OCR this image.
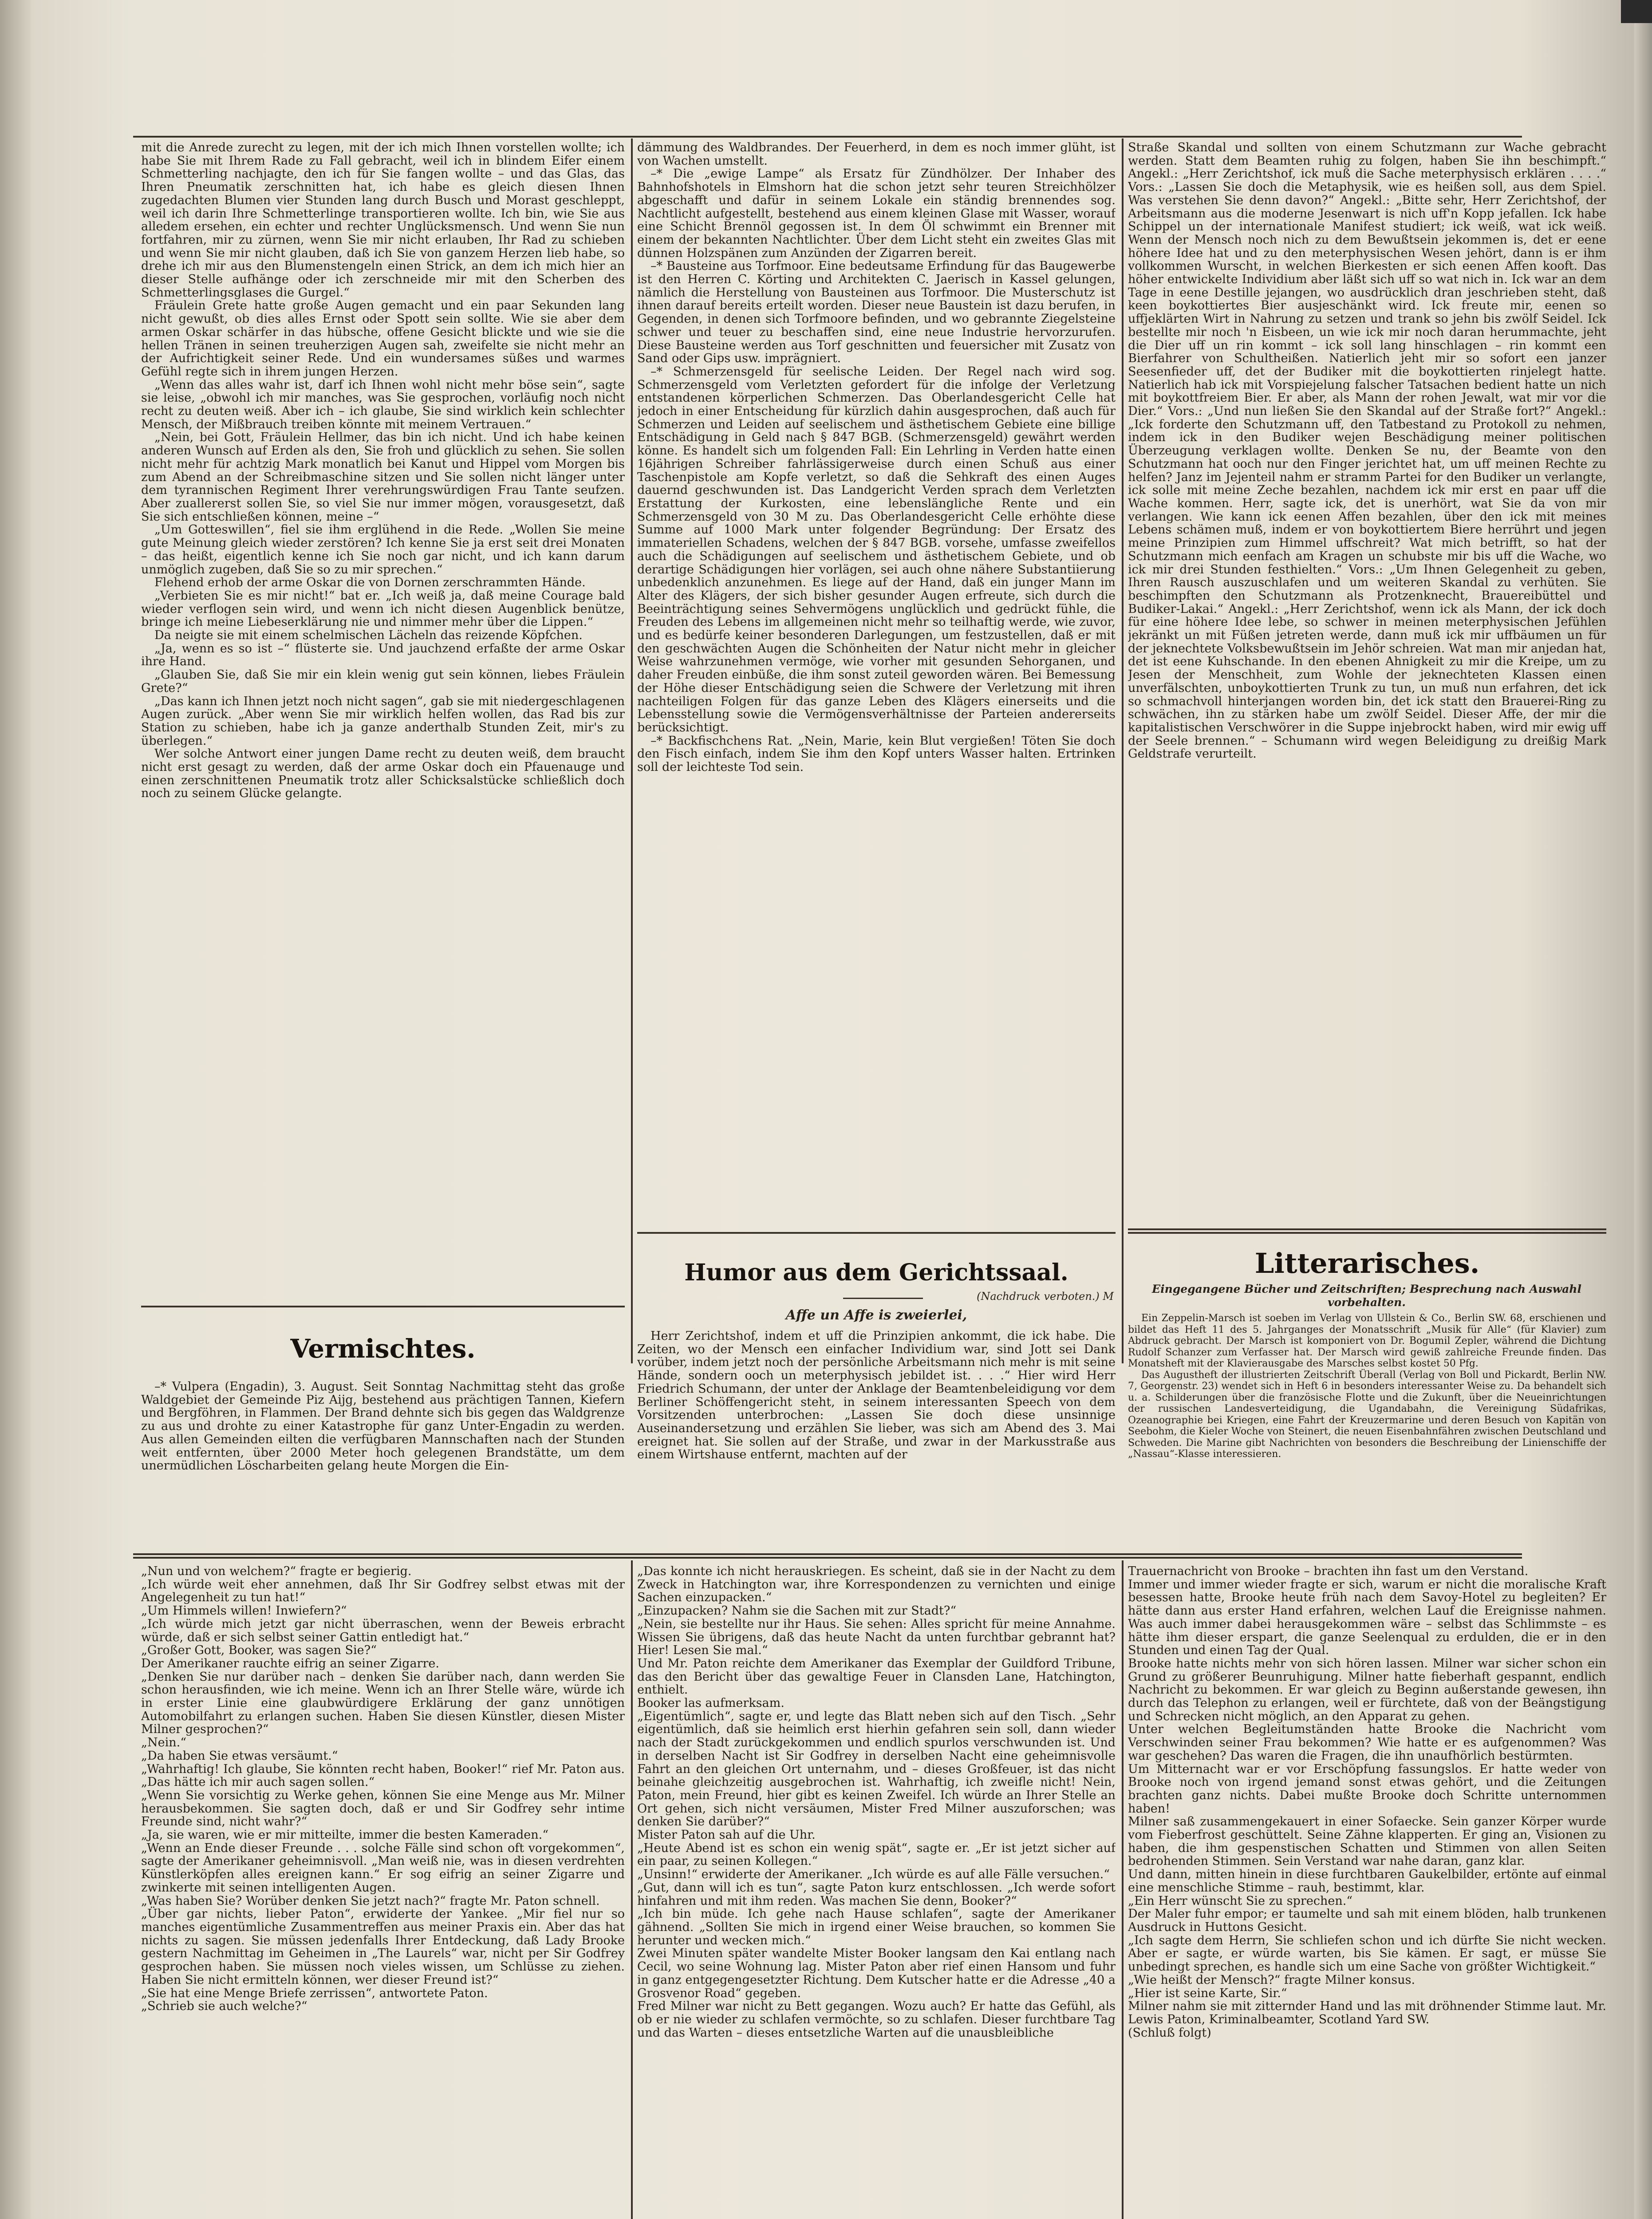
mit die Anrede zurecht zu legen, mit der ich mich Ihnen vorstellen wollte; ich habe Sie mit Ihrem Rade zu Fall gebracht, weil ich in blindem Eifer einem Schmetterling nachjagte, den ich für Sie fangen wollte – und das Glas, das Ihren Pneumatik zerschnitten hat, ich habe es gleich diesen Ihnen zugedachten Blumen vier Stunden lang durch Busch und Morast geschleppt, weil ich darin Ihre Schmetterlinge transportieren wollte. Ich bin, wie Sie aus alledem ersehen, ein echter und rechter Unglücksmensch. Und wenn Sie nun fortfahren, mir zu zürnen, wenn Sie mir nicht erlauben, Ihr Rad zu schieben und wenn Sie mir nicht glauben, daß ich Sie von ganzem Herzen lieb habe, so drehe ich mir aus den Blumenstengeln einen Strick, an dem ich mich hier an dieser Stelle aufhänge oder ich zerschneide mir mit den Scherben des Schmetterlingsglases die Gurgel.“

Fräulein Grete hatte große Augen gemacht und ein paar Sekunden lang nicht gewußt, ob dies alles Ernst oder Spott sein sollte. Wie sie aber dem armen Oskar schärfer in das hübsche, offene Gesicht blickte und wie sie die hellen Tränen in seinen treuherzigen Augen sah, zweifelte sie nicht mehr an der Aufrichtigkeit seiner Rede. Und ein wundersames süßes und warmes Gefühl regte sich in ihrem jungen Herzen.

„Wenn das alles wahr ist, darf ich Ihnen wohl nicht mehr böse sein“, sagte sie leise, „obwohl ich mir manches, was Sie gesprochen, vorläufig noch nicht recht zu deuten weiß. Aber ich – ich glaube, Sie sind wirklich kein schlechter Mensch, der Mißbrauch treiben könnte mit meinem Vertrauen.“

„Nein, bei Gott, Fräulein Hellmer, das bin ich nicht. Und ich habe keinen anderen Wunsch auf Erden als den, Sie froh und glücklich zu sehen. Sie sollen nicht mehr für achtzig Mark monatlich bei Kanut und Hippel vom Morgen bis zum Abend an der Schreibmaschine sitzen und Sie sollen nicht länger unter dem tyrannischen Regiment Ihrer verehrungswürdigen Frau Tante seufzen. Aber zuallererst sollen Sie, so viel Sie nur immer mögen, vorausgesetzt, daß Sie sich entschließen können, meine –“

„Um Gotteswillen“, fiel sie ihm erglühend in die Rede. „Wollen Sie meine gute Meinung gleich wieder zerstören? Ich kenne Sie ja erst seit drei Monaten – das heißt, eigentlich kenne ich Sie noch gar nicht, und ich kann darum unmöglich zugeben, daß Sie so zu mir sprechen.“

Flehend erhob der arme Oskar die von Dornen zerschrammten Hände.

„Verbieten Sie es mir nicht!“ bat er. „Ich weiß ja, daß meine Courage bald wieder verflogen sein wird, und wenn ich nicht diesen Augenblick benütze, bringe ich meine Liebeserklärung nie und nimmer mehr über die Lippen.“

Da neigte sie mit einem schelmischen Lächeln das reizende Köpfchen.

„Ja, wenn es so ist –“ flüsterte sie. Und jauchzend erfaßte der arme Oskar ihre Hand.

„Glauben Sie, daß Sie mir ein klein wenig gut sein können, liebes Fräulein Grete?“

„Das kann ich Ihnen jetzt noch nicht sagen“, gab sie mit niedergeschlagenen Augen zurück. „Aber wenn Sie mir wirklich helfen wollen, das Rad bis zur Station zu schieben, habe ich ja ganze anderthalb Stunden Zeit, mir's zu überlegen.“

Wer solche Antwort einer jungen Dame recht zu deuten weiß, dem braucht nicht erst gesagt zu werden, daß der arme Oskar doch ein Pfauenauge und einen zerschnittenen Pneumatik trotz aller Schicksalstücke schließlich doch noch zu seinem Glücke gelangte.

Vermischtes.

–* Vulpera (Engadin), 3. August. Seit Sonntag Nachmittag steht das große Waldgebiet der Gemeinde Piz Aijg, bestehend aus prächtigen Tannen, Kiefern und Bergföhren, in Flammen. Der Brand dehnte sich bis gegen das Waldgrenze zu aus und drohte zu einer Katastrophe für ganz Unter-Engadin zu werden. Aus allen Gemeinden eilten die verfügbaren Mannschaften nach der Stunden weit entfernten, über 2000 Meter hoch gelegenen Brandstätte, um dem unermüdlichen Löscharbeiten gelang heute Morgen die Ein-

dämmung des Waldbrandes. Der Feuerherd, in dem es noch immer glüht, ist von Wachen umstellt.

–* Die „ewige Lampe“ als Ersatz für Zündhölzer. Der Inhaber des Bahnhofshotels in Elmshorn hat die schon jetzt sehr teuren Streichhölzer abgeschafft und dafür in seinem Lokale ein ständig brennendes sog. Nachtlicht aufgestellt, bestehend aus einem kleinen Glase mit Wasser, worauf eine Schicht Brennöl gegossen ist. In dem Öl schwimmt ein Brenner mit einem der bekannten Nachtlichter. Über dem Licht steht ein zweites Glas mit dünnen Holzspänen zum Anzünden der Zigarren bereit.

–* Bausteine aus Torfmoor. Eine bedeutsame Erfindung für das Baugewerbe ist den Herren C. Körting und Architekten C. Jaerisch in Kassel gelungen, nämlich die Herstellung von Bausteinen aus Torfmoor. Die Musterschutz ist ihnen darauf bereits erteilt worden. Dieser neue Baustein ist dazu berufen, in Gegenden, in denen sich Torfmoore befinden, und wo gebrannte Ziegelsteine schwer und teuer zu beschaffen sind, eine neue Industrie hervorzurufen. Diese Bausteine werden aus Torf geschnitten und feuersicher mit Zusatz von Sand oder Gips usw. imprägniert.

–* Schmerzensgeld für seelische Leiden. Der Regel nach wird sog. Schmerzensgeld vom Verletzten gefordert für die infolge der Verletzung entstandenen körperlichen Schmerzen. Das Oberlandesgericht Celle hat jedoch in einer Entscheidung für kürzlich dahin ausgesprochen, daß auch für Schmerzen und Leiden auf seelischem und ästhetischem Gebiete eine billige Entschädigung in Geld nach § 847 BGB. (Schmerzensgeld) gewährt werden könne. Es handelt sich um folgenden Fall: Ein Lehrling in Verden hatte einen 16jährigen Schreiber fahrlässigerweise durch einen Schuß aus einer Taschenpistole am Kopfe verletzt, so daß die Sehkraft des einen Auges dauernd geschwunden ist. Das Landgericht Verden sprach dem Verletzten Erstattung der Kurkosten, eine lebenslängliche Rente und ein Schmerzensgeld von 30 M zu. Das Oberlandesgericht Celle erhöhte diese Summe auf 1000 Mark unter folgender Begründung: Der Ersatz des immateriellen Schadens, welchen der § 847 BGB. vorsehe, umfasse zweifellos auch die Schädigungen auf seelischem und ästhetischem Gebiete, und ob derartige Schädigungen hier vorlägen, sei auch ohne nähere Substantiierung unbedenklich anzunehmen. Es liege auf der Hand, daß ein junger Mann im Alter des Klägers, der sich bisher gesunder Augen erfreute, sich durch die Beeinträchtigung seines Sehvermögens unglücklich und gedrückt fühle, die Freuden des Lebens im allgemeinen nicht mehr so teilhaftig werde, wie zuvor, und es bedürfe keiner besonderen Darlegungen, um festzustellen, daß er mit den geschwächten Augen die Schönheiten der Natur nicht mehr in gleicher Weise wahrzunehmen vermöge, wie vorher mit gesunden Sehorganen, und daher Freuden einbüße, die ihm sonst zuteil geworden wären. Bei Bemessung der Höhe dieser Entschädigung seien die Schwere der Verletzung mit ihren nachteiligen Folgen für das ganze Leben des Klägers einerseits und die Lebensstellung sowie die Vermögensverhältnisse der Parteien andererseits berücksichtigt.

–* Backfischchens Rat. „Nein, Marie, kein Blut vergießen! Töten Sie doch den Fisch einfach, indem Sie ihm den Kopf unters Wasser halten. Ertrinken soll der leichteste Tod sein.

Humor aus dem Gerichtssaal.
(Nachdruck verboten.) M
Affe un Affe is zweierlei,

Herr Zerichtshof, indem et uff die Prinzipien ankommt, die ick habe. Die Zeiten, wo der Mensch een einfacher Individium war, sind Jott sei Dank vorüber, indem jetzt noch der persönliche Arbeitsmann nich mehr is mit seine Hände, sondern ooch un meterphysisch jebildet ist. . . .“ Hier wird Herr Friedrich Schumann, der unter der Anklage der Beamtenbeleidigung vor dem Berliner Schöffengericht steht, in seinem interessanten Speech von dem Vorsitzenden unterbrochen: „Lassen Sie doch diese unsinnige Auseinandersetzung und erzählen Sie lieber, was sich am Abend des 3. Mai ereignet hat. Sie sollen auf der Straße, und zwar in der Markusstraße aus einem Wirtshause entfernt, machten auf der

Straße Skandal und sollten von einem Schutzmann zur Wache gebracht werden. Statt dem Beamten ruhig zu folgen, haben Sie ihn beschimpft.“ Angekl.: „Herr Zerichtshof, ick muß die Sache meterphysisch erklären . . . .“ Vors.: „Lassen Sie doch die Metaphysik, wie es heißen soll, aus dem Spiel. Was verstehen Sie denn davon?“ Angekl.: „Bitte sehr, Herr Zerichtshof, der Arbeitsmann aus die moderne Jesenwart is nich uff'n Kopp jefallen. Ick habe Schippel un der internationale Manifest studiert; ick weiß, wat ick weiß. Wenn der Mensch noch nich zu dem Bewußtsein jekommen is, det er eene höhere Idee hat und zu den meterphysischen Wesen jehört, dann is er ihm vollkommen Wurscht, in welchen Bierkesten er sich eenen Affen kooft. Das höher entwickelte Individium aber läßt sich uff so wat nich in. Ick war an dem Tage in eene Destille jejangen, wo ausdrücklich dran jeschrieben steht, daß keen boykottiertes Bier ausjeschänkt wird. Ick freute mir, eenen so uffjeklärten Wirt in Nahrung zu setzen und trank so jehn bis zwölf Seidel. Ick bestellte mir noch 'n Eisbeen, un wie ick mir noch daran herummachte, jeht die Dier uff un rin kommt – ick soll lang hinschlagen – rin kommt een Bierfahrer von Schultheißen. Natierlich jeht mir so sofort een janzer Seesenfieder uff, det der Budiker mit die boykottierten rinjelegt hatte. Natierlich hab ick mit Vorspiejelung falscher Tatsachen bedient hatte un nich mit boykottfreiem Bier. Er aber, als Mann der rohen Jewalt, wat mir vor die Dier.“ Vors.: „Und nun ließen Sie den Skandal auf der Straße fort?“ Angekl.: „Ick forderte den Schutzmann uff, den Tatbestand zu Protokoll zu nehmen, indem ick in den Budiker wejen Beschädigung meiner politischen Überzeugung verklagen wollte. Denken Se nu, der Beamte von den Schutzmann hat ooch nur den Finger jerichtet hat, um uff meinen Rechte zu helfen? Janz im Jejenteil nahm er stramm Partei for den Budiker un verlangte, ick solle mit meine Zeche bezahlen, nachdem ick mir erst en paar uff die Wache kommen. Herr, sagte ick, det is unerhört, wat Sie da von mir verlangen. Wie kann ick eenen Affen bezahlen, über den ick mit meines Lebens schämen muß, indem er von boykottiertem Biere herrührt und jegen meine Prinzipien zum Himmel uffschreit? Wat mich betrifft, so hat der Schutzmann mich eenfach am Kragen un schubste mir bis uff die Wache, wo ick mir drei Stunden festhielten.“ Vors.: „Um Ihnen Gelegenheit zu geben, Ihren Rausch auszuschlafen und um weiteren Skandal zu verhüten. Sie beschimpften den Schutzmann als Protzenknecht, Brauereibüttel und Budiker-Lakai.“ Angekl.: „Herr Zerichtshof, wenn ick als Mann, der ick doch für eine höhere Idee lebe, so schwer in meinen meterphysischen Jefühlen jekränkt un mit Füßen jetreten werde, dann muß ick mir uffbäumen un für der jeknechtete Volksbewußtsein im Jehör schreien. Wat man mir anjedan hat, det ist eene Kuhschande. In den ebenen Ahnigkeit zu mir die Kreipe, um zu Jesen der Menschheit, zum Wohle der jeknechteten Klassen einen unverfälschten, unboykottierten Trunk zu tun, un muß nun erfahren, det ick so schmachvoll hinterjangen worden bin, det ick statt den Brauerei-Ring zu schwächen, ihn zu stärken habe um zwölf Seidel. Dieser Affe, der mir die kapitalistischen Verschwörer in die Suppe injebrockt haben, wird mir ewig uff der Seele brennen.“ – Schumann wird wegen Beleidigung zu dreißig Mark Geldstrafe verurteilt.

Litterarisches.
Eingegangene Bücher und Zeitschriften; Besprechung nach Auswahl vorbehalten.

Ein Zeppelin-Marsch ist soeben im Verlag von Ullstein & Co., Berlin SW. 68, erschienen und bildet das Heft 11 des 5. Jahrganges der Monatsschrift „Musik für Alle“ (für Klavier) zum Abdruck gebracht. Der Marsch ist komponiert von Dr. Bogumil Zepler, während die Dichtung Rudolf Schanzer zum Verfasser hat. Der Marsch wird gewiß zahlreiche Freunde finden. Das Monatsheft mit der Klavierausgabe des Marsches selbst kostet 50 Pfg.

Das Augustheft der illustrierten Zeitschrift Überall (Verlag von Boll und Pickardt, Berlin NW. 7, Georgenstr. 23) wendet sich in Heft 6 in besonders interessanter Weise zu. Da behandelt sich u. a. Schilderungen über die französische Flotte und die Zukunft, über die Neueinrichtungen der russischen Landesverteidigung, die Ugandabahn, die Vereinigung Südafrikas, Ozeanographie bei Kriegen, eine Fahrt der Kreuzermarine und deren Besuch von Kapitän von Seebohm, die Kieler Woche von Steinert, die neuen Eisenbahnfähren zwischen Deutschland und Schweden. Die Marine gibt Nachrichten von besonders die Beschreibung der Linienschiffe der „Nassau“-Klasse interessieren.

„Nun und von welchem?“ fragte er begierig.
„Ich würde weit eher annehmen, daß Ihr Sir Godfrey selbst etwas mit der Angelegenheit zu tun hat!“
„Um Himmels willen! Inwiefern?“
„Ich würde mich jetzt gar nicht überraschen, wenn der Beweis erbracht würde, daß er sich selbst seiner Gattin entledigt hat.“
„Großer Gott, Booker, was sagen Sie?“
Der Amerikaner rauchte eifrig an seiner Zigarre.
„Denken Sie nur darüber nach – denken Sie darüber nach, dann werden Sie schon herausfinden, wie ich meine. Wenn ich an Ihrer Stelle wäre, würde ich in erster Linie eine glaubwürdigere Erklärung der ganz unnötigen Automobilfahrt zu erlangen suchen. Haben Sie diesen Künstler, diesen Mister Milner gesprochen?“
„Nein.“
„Da haben Sie etwas versäumt.“
„Wahrhaftig! Ich glaube, Sie könnten recht haben, Booker!“ rief Mr. Paton aus. „Das hätte ich mir auch sagen sollen.“
„Wenn Sie vorsichtig zu Werke gehen, können Sie eine Menge aus Mr. Milner herausbekommen. Sie sagten doch, daß er und Sir Godfrey sehr intime Freunde sind, nicht wahr?“
„Ja, sie waren, wie er mir mitteilte, immer die besten Kameraden.“
„Wenn an Ende dieser Freunde . . . solche Fälle sind schon oft vorgekommen“, sagte der Amerikaner geheimnisvoll. „Man weiß nie, was in diesen verdrehten Künstlerköpfen alles ereignen kann.“ Er sog eifrig an seiner Zigarre und zwinkerte mit seinen intelligenten Augen.
„Was haben Sie? Worüber denken Sie jetzt nach?“ fragte Mr. Paton schnell.
„Über gar nichts, lieber Paton“, erwiderte der Yankee. „Mir fiel nur so manches eigentümliche Zusammentreffen aus meiner Praxis ein. Aber das hat nichts zu sagen. Sie müssen jedenfalls Ihrer Entdeckung, daß Lady Brooke gestern Nachmittag im Geheimen in „The Laurels“ war, nicht per Sir Godfrey gesprochen haben. Sie müssen noch vieles wissen, um Schlüsse zu ziehen. Haben Sie nicht ermitteln können, wer dieser Freund ist?“
„Sie hat eine Menge Briefe zerrissen“, antwortete Paton.
„Schrieb sie auch welche?“
„Das konnte ich nicht herauskriegen. Es scheint, daß sie in der Nacht zu dem Zweck in Hatchington war, ihre Korrespondenzen zu vernichten und einige Sachen einzupacken.“
„Einzupacken? Nahm sie die Sachen mit zur Stadt?“
„Nein, sie bestellte nur ihr Haus. Sie sehen: Alles spricht für meine Annahme. Wissen Sie übrigens, daß das heute Nacht da unten furchtbar gebrannt hat? Hier! Lesen Sie mal.“
Und Mr. Paton reichte dem Amerikaner das Exemplar der Guildford Tribune, das den Bericht über das gewaltige Feuer in Clansden Lane, Hatchington, enthielt.
Booker las aufmerksam.
„Eigentümlich“, sagte er, und legte das Blatt neben sich auf den Tisch. „Sehr eigentümlich, daß sie heimlich erst hierhin gefahren sein soll, dann wieder nach der Stadt zurückgekommen und endlich spurlos verschwunden ist. Und in derselben Nacht ist Sir Godfrey in derselben Nacht eine geheimnisvolle Fahrt an den gleichen Ort unternahm, und – dieses Großfeuer, ist das nicht beinahe gleichzeitig ausgebrochen ist. Wahrhaftig, ich zweifle nicht! Nein, Paton, mein Freund, hier gibt es keinen Zweifel. Ich würde an Ihrer Stelle an Ort gehen, sich nicht versäumen, Mister Fred Milner auszuforschen; was denken Sie darüber?“
Mister Paton sah auf die Uhr.
„Heute Abend ist es schon ein wenig spät“, sagte er. „Er ist jetzt sicher auf ein paar, zu seinen Kollegen.“
„Unsinn!“ erwiderte der Amerikaner. „Ich würde es auf alle Fälle versuchen.“
„Gut, dann will ich es tun“, sagte Paton kurz entschlossen. „Ich werde sofort hinfahren und mit ihm reden. Was machen Sie denn, Booker?“
„Ich bin müde. Ich gehe nach Hause schlafen“, sagte der Amerikaner gähnend. „Sollten Sie mich in irgend einer Weise brauchen, so kommen Sie herunter und wecken mich.“
Zwei Minuten später wandelte Mister Booker langsam den Kai entlang nach Cecil, wo seine Wohnung lag. Mister Paton aber rief einen Hansom und fuhr in ganz entgegengesetzter Richtung. Dem Kutscher hatte er die Adresse „40 a Grosvenor Road“ gegeben.
Fred Milner war nicht zu Bett gegangen. Wozu auch? Er hatte das Gefühl, als ob er nie wieder zu schlafen vermöchte, so zu schlafen. Dieser furchtbare Tag und das Warten – dieses entsetzliche Warten auf die unausbleibliche
Trauernachricht von Brooke – brachten ihn fast um den Verstand.
Immer und immer wieder fragte er sich, warum er nicht die moralische Kraft besessen hatte, Brooke heute früh nach dem Savoy-Hotel zu begleiten? Er hätte dann aus erster Hand erfahren, welchen Lauf die Ereignisse nahmen. Was auch immer dabei herausgekommen wäre – selbst das Schlimmste – es hätte ihm dieser erspart, die ganze Seelenqual zu erdulden, die er in den Stunden und einen Tag der Qual.
Brooke hatte nichts mehr von sich hören lassen. Milner war sicher schon ein Grund zu größerer Beunruhigung. Milner hatte fieberhaft gespannt, endlich Nachricht zu bekommen. Er war gleich zu Beginn außerstande gewesen, ihn durch das Telephon zu erlangen, weil er fürchtete, daß von der Beängstigung und Schrecken nicht möglich, an den Apparat zu gehen.
Unter welchen Begleitumständen hatte Brooke die Nachricht vom Verschwinden seiner Frau bekommen? Wie hatte er es aufgenommen? Was war geschehen? Das waren die Fragen, die ihn unaufhörlich bestürmten.
Um Mitternacht war er vor Erschöpfung fassungslos. Er hatte weder von Brooke noch von irgend jemand sonst etwas gehört, und die Zeitungen brachten ganz nichts. Dabei mußte Brooke doch Schritte unternommen haben!
Milner saß zusammengekauert in einer Sofaecke. Sein ganzer Körper wurde vom Fieberfrost geschüttelt. Seine Zähne klapperten. Er ging an, Visionen zu haben, die ihm gespenstischen Schatten und Stimmen von allen Seiten bedrohenden Stimmen. Sein Verstand war nahe daran, ganz klar.
Und dann, mitten hinein in diese furchtbaren Gaukelbilder, ertönte auf einmal eine menschliche Stimme – rauh, bestimmt, klar.
„Ein Herr wünscht Sie zu sprechen.“
Der Maler fuhr empor; er taumelte und sah mit einem blöden, halb trunkenen Ausdruck in Huttons Gesicht.
„Ich sagte dem Herrn, Sie schliefen schon und ich dürfte Sie nicht wecken. Aber er sagte, er würde warten, bis Sie kämen. Er sagt, er müsse Sie unbedingt sprechen, es handle sich um eine Sache von größter Wichtigkeit.“
„Wie heißt der Mensch?“ fragte Milner konsus.
„Hier ist seine Karte, Sir.“
Milner nahm sie mit zitternder Hand und las mit dröhnender Stimme laut. Mr. Lewis Paton, Kriminalbeamter, Scotland Yard SW.
(Schluß folgt)
